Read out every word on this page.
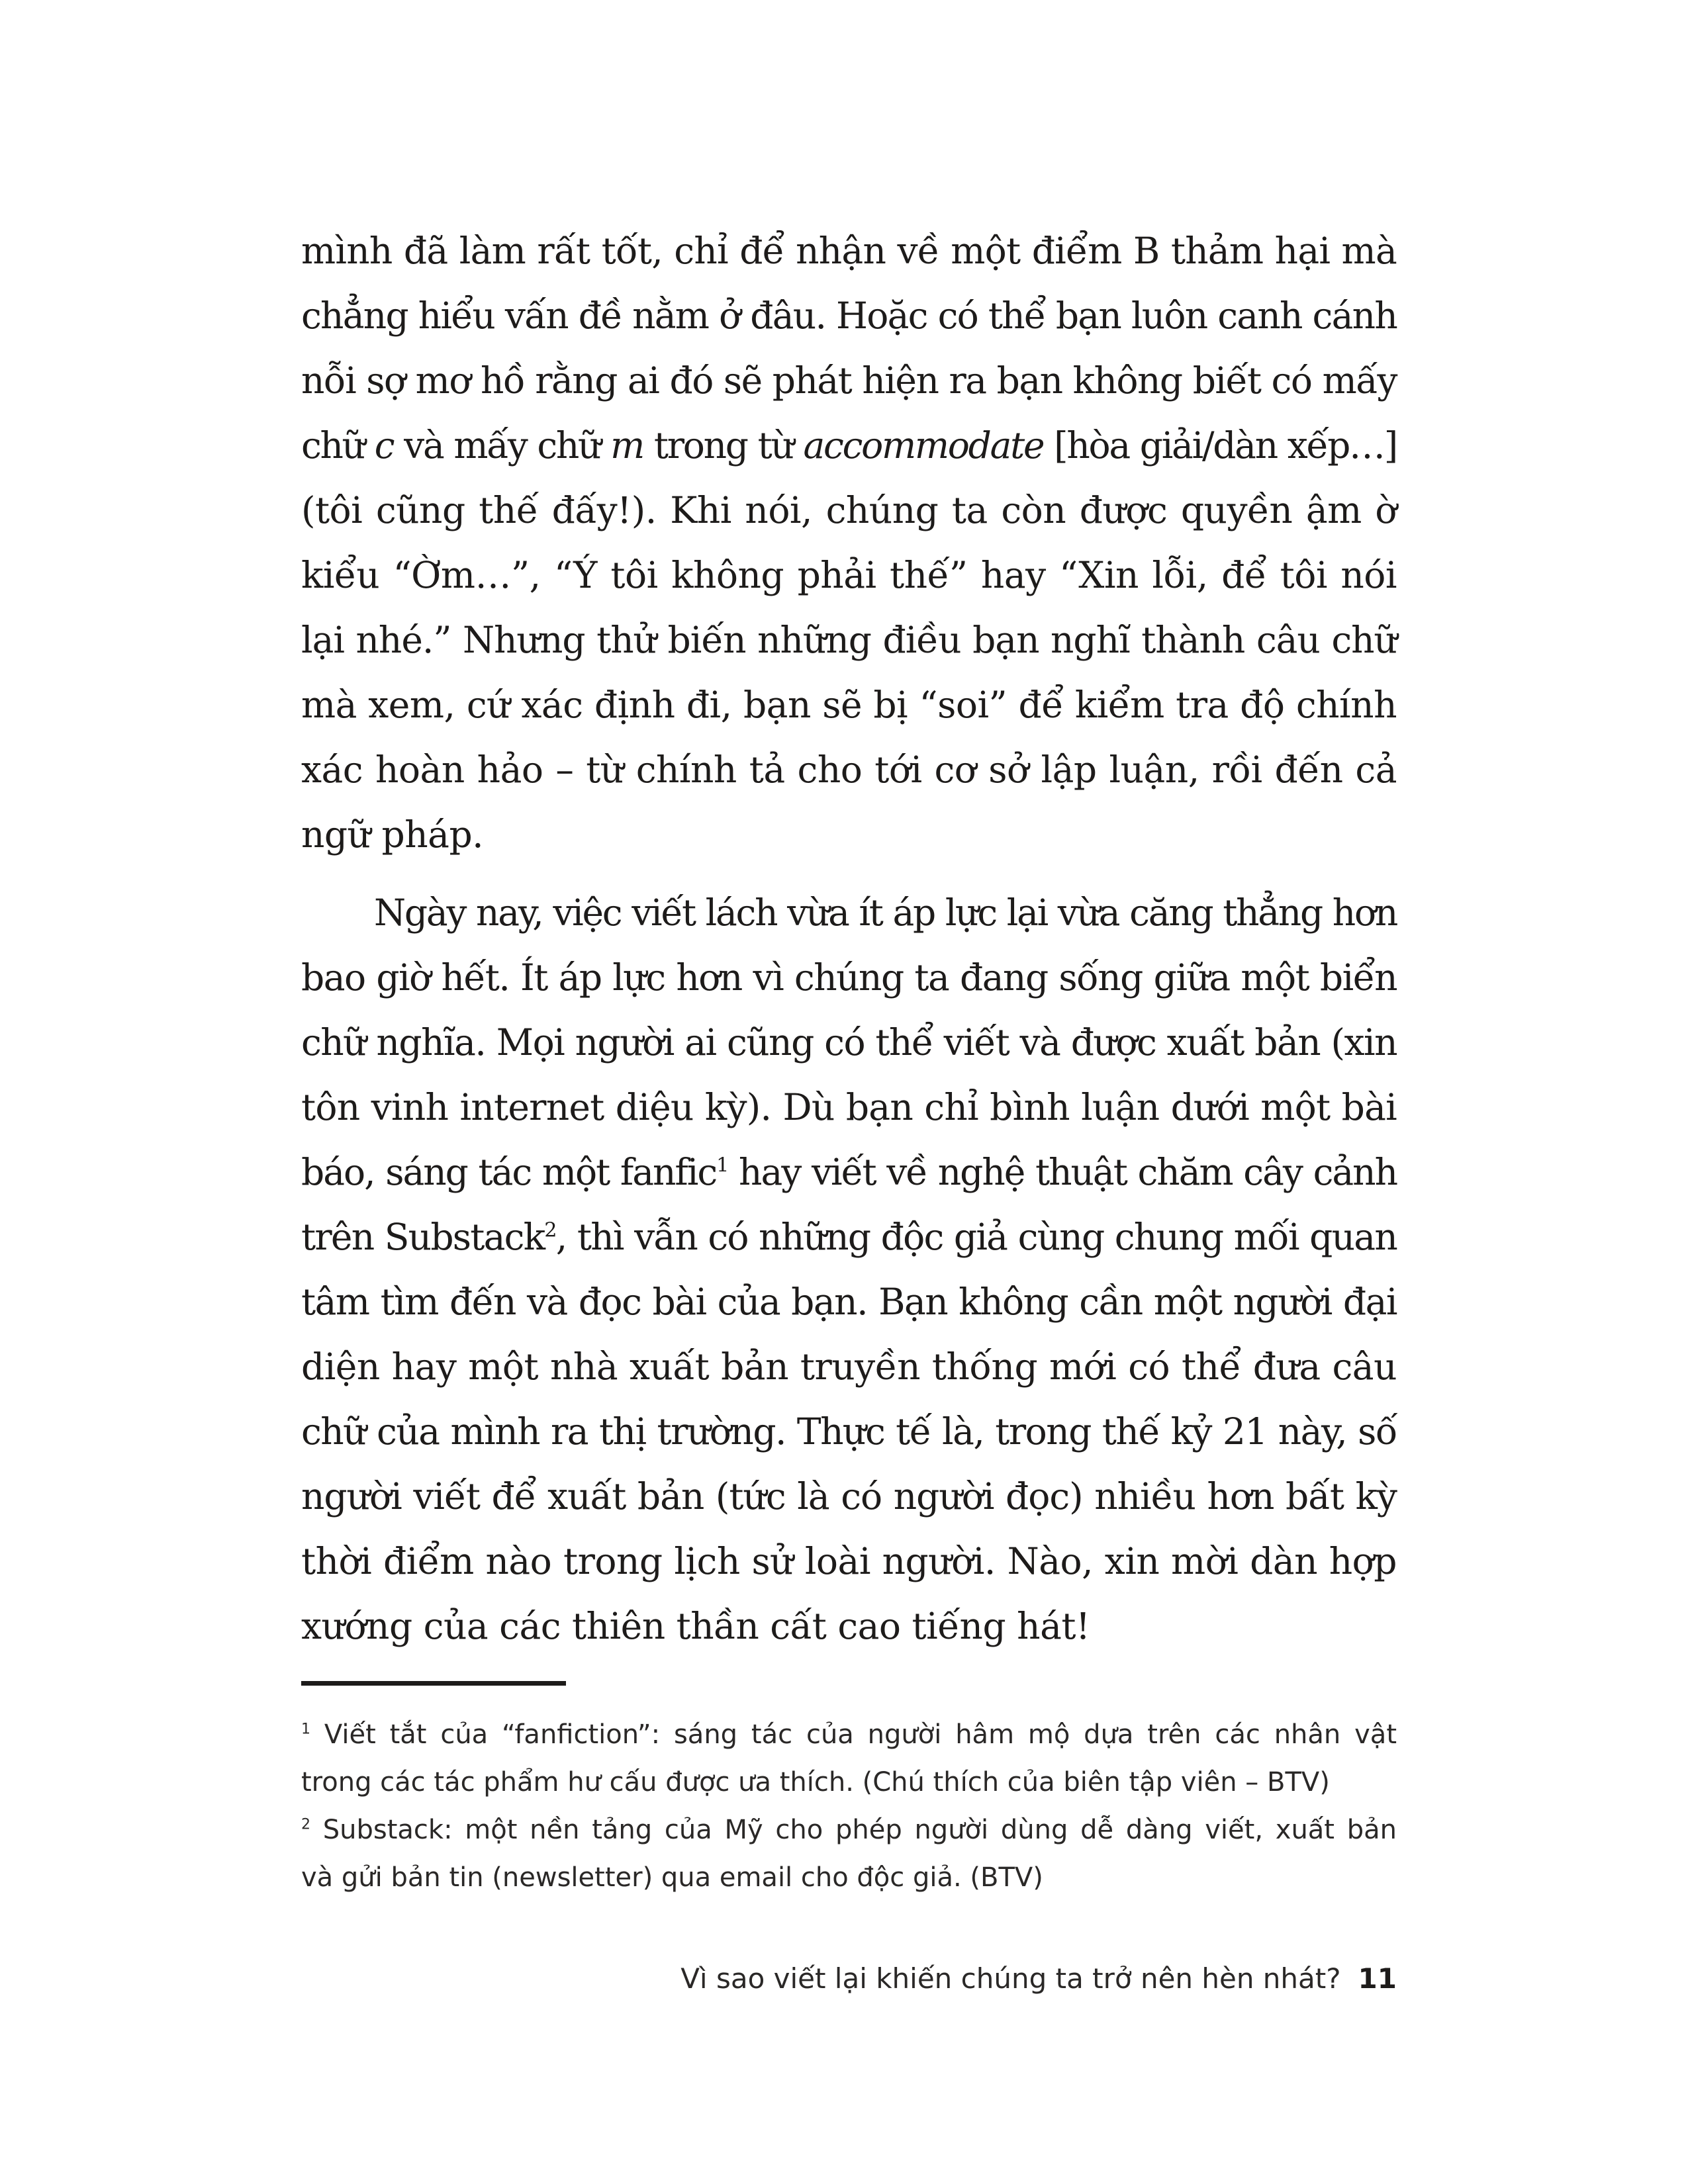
mình đã làm rất tốt, chỉ để nhận về một điểm B thảm hại mà
chẳng hiểu vấn đề nằm ở đâu. Hoặc có thể bạn luôn canh cánh
nỗi sợ mơ hồ rằng ai đó sẽ phát hiện ra bạn không biết có mấy
chữ c và mấy chữ m trong từ accommodate [hòa giải/dàn xếp…]
(tôi cũng thế đấy!). Khi nói, chúng ta còn được quyền ậm ờ
kiểu “Ờm…”, “Ý tôi không phải thế” hay “Xin lỗi, để tôi nói
lại nhé.” Nhưng thử biến những điều bạn nghĩ thành câu chữ
mà xem, cứ xác định đi, bạn sẽ bị “soi” để kiểm tra độ chính
xác hoàn hảo – từ chính tả cho tới cơ sở lập luận, rồi đến cả
ngữ pháp.

Ngày nay, việc viết lách vừa ít áp lực lại vừa căng thẳng hơn
bao giờ hết. Ít áp lực hơn vì chúng ta đang sống giữa một biển
chữ nghĩa. Mọi người ai cũng có thể viết và được xuất bản (xin
tôn vinh internet diệu kỳ). Dù bạn chỉ bình luận dưới một bài
báo, sáng tác một fanfic$^1$ hay viết về nghệ thuật chăm cây cảnh
trên Substack$^2$, thì vẫn có những độc giả cùng chung mối quan
tâm tìm đến và đọc bài của bạn. Bạn không cần một người đại
diện hay một nhà xuất bản truyền thống mới có thể đưa câu
chữ của mình ra thị trường. Thực tế là, trong thế kỷ 21 này, số
người viết để xuất bản (tức là có người đọc) nhiều hơn bất kỳ
thời điểm nào trong lịch sử loài người. Nào, xin mời dàn hợp
xướng của các thiên thần cất cao tiếng hát!

$^1$ Viết tắt của “fanfiction”: sáng tác của người hâm mộ dựa trên các nhân vật
trong các tác phẩm hư cấu được ưa thích. (Chú thích của biên tập viên – BTV)

$^2$ Substack: một nền tảng của Mỹ cho phép người dùng dễ dàng viết, xuất bản
và gửi bản tin (newsletter) qua email cho độc giả. (BTV)

Vì sao viết lại khiến chúng ta trở nên hèn nhát? 11
